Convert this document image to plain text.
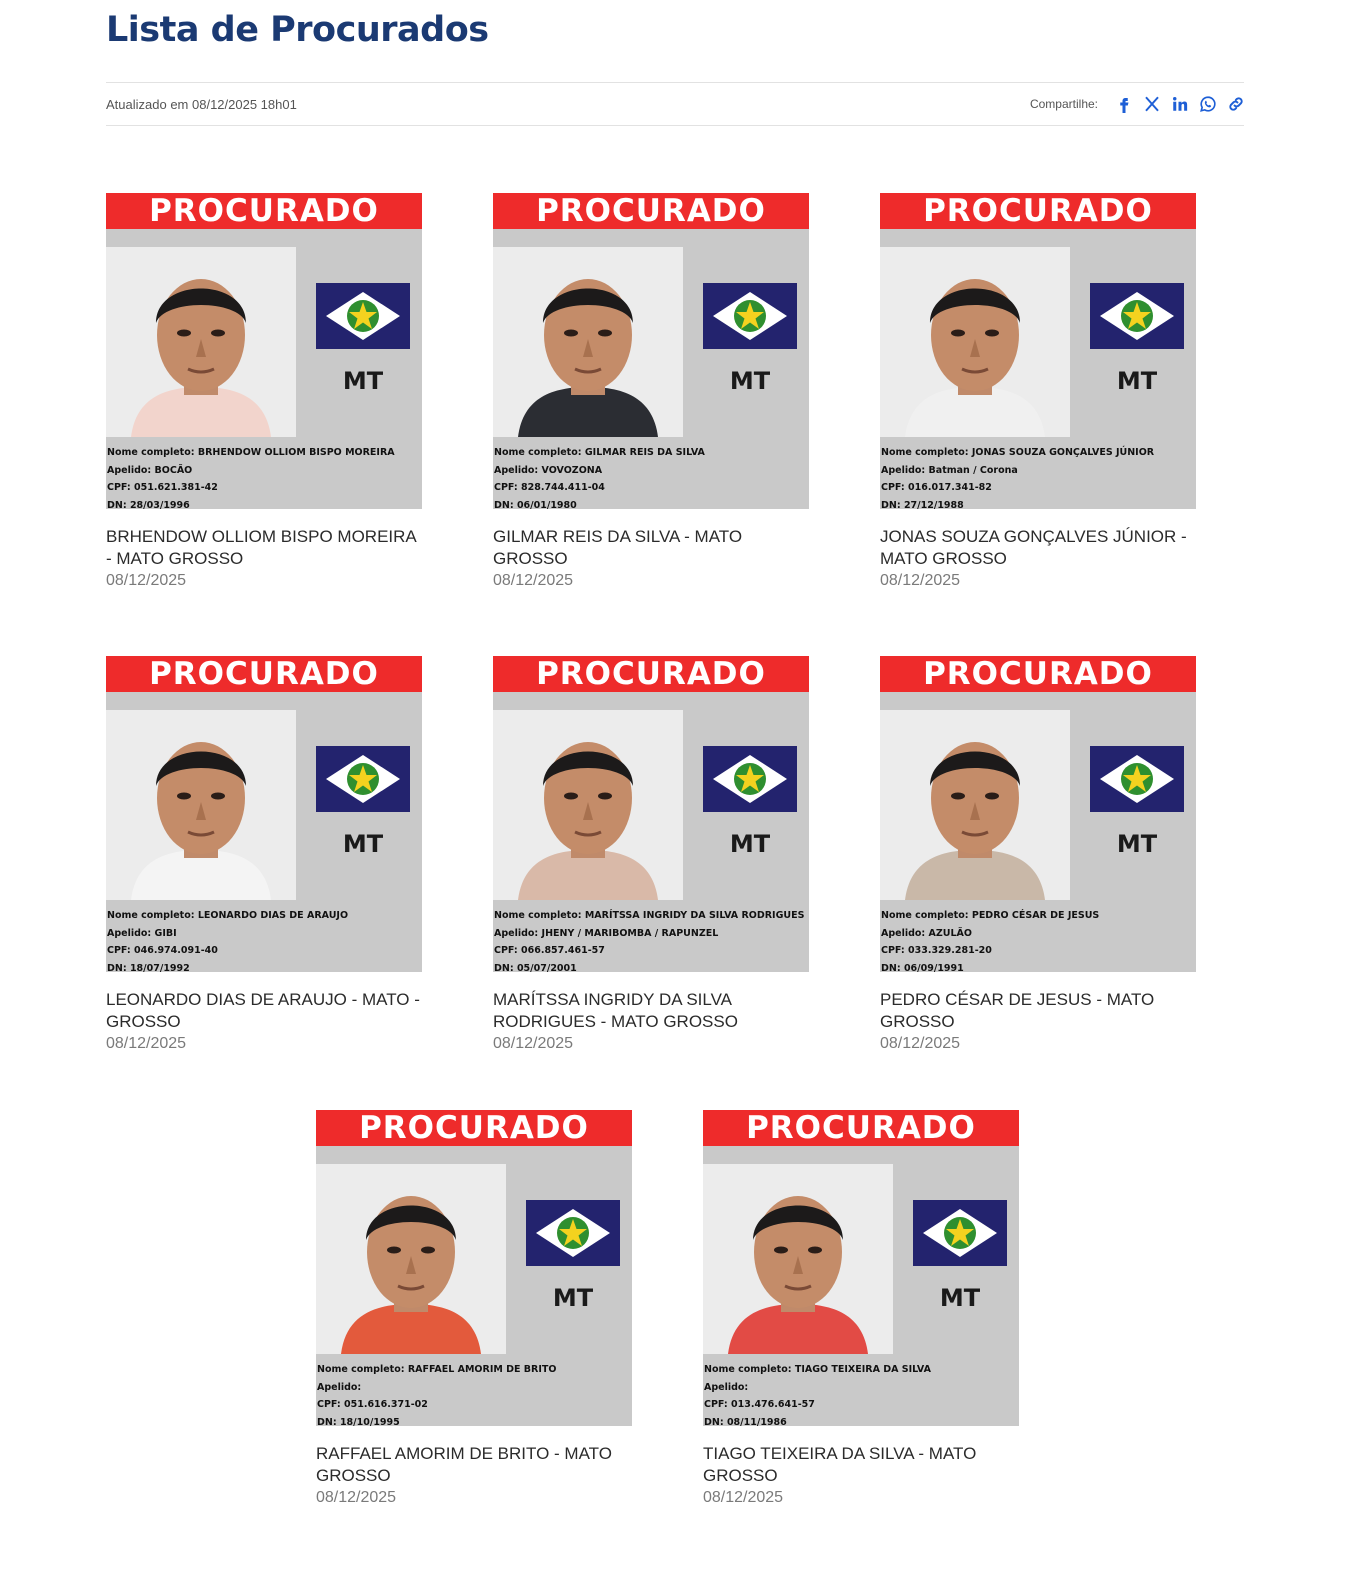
Lista de Procurados
Atualizado em 08/12/2025 18h01	Compartilhe:
PROCURADO
MT
Nome completo: BRHENDOW OLLIOM BISPO MOREIRA
Apelido: BOCÃO
CPF: 051.621.381-42
DN: 28/03/1996
BRHENDOW OLLIOM BISPO MOREIRA - MATO GROSSO
08/12/2025
PROCURADO
MT
Nome completo: GILMAR REIS DA SILVA
Apelido: VOVOZONA
CPF: 828.744.411-04
DN: 06/01/1980
GILMAR REIS DA SILVA - MATO GROSSO
08/12/2025
PROCURADO
MT
Nome completo: JONAS SOUZA GONÇALVES JÚNIOR
Apelido: Batman / Corona
CPF: 016.017.341-82
DN: 27/12/1988
JONAS SOUZA GONÇALVES JÚNIOR - MATO GROSSO
08/12/2025
PROCURADO
MT
Nome completo: LEONARDO DIAS DE ARAUJO
Apelido: GIBI
CPF: 046.974.091-40
DN: 18/07/1992
LEONARDO DIAS DE ARAUJO - MATO - GROSSO
08/12/2025
PROCURADO
MT
Nome completo: MARÍTSSA INGRIDY DA SILVA RODRIGUES
Apelido: JHENY / MARIBOMBA / RAPUNZEL
CPF: 066.857.461-57
DN: 05/07/2001
MARÍTSSA INGRIDY DA SILVA RODRIGUES - MATO GROSSO
08/12/2025
PROCURADO
MT
Nome completo: PEDRO CÉSAR DE JESUS
Apelido: AZULÃO
CPF: 033.329.281-20
DN: 06/09/1991
PEDRO CÉSAR DE JESUS - MATO GROSSO
08/12/2025
PROCURADO
MT
Nome completo: RAFFAEL AMORIM DE BRITO
Apelido:
CPF: 051.616.371-02
DN: 18/10/1995
RAFFAEL AMORIM DE BRITO - MATO GROSSO
08/12/2025
PROCURADO
MT
Nome completo: TIAGO TEIXEIRA DA SILVA
Apelido:
CPF: 013.476.641-57
DN: 08/11/1986
TIAGO TEIXEIRA DA SILVA - MATO GROSSO
08/12/2025
